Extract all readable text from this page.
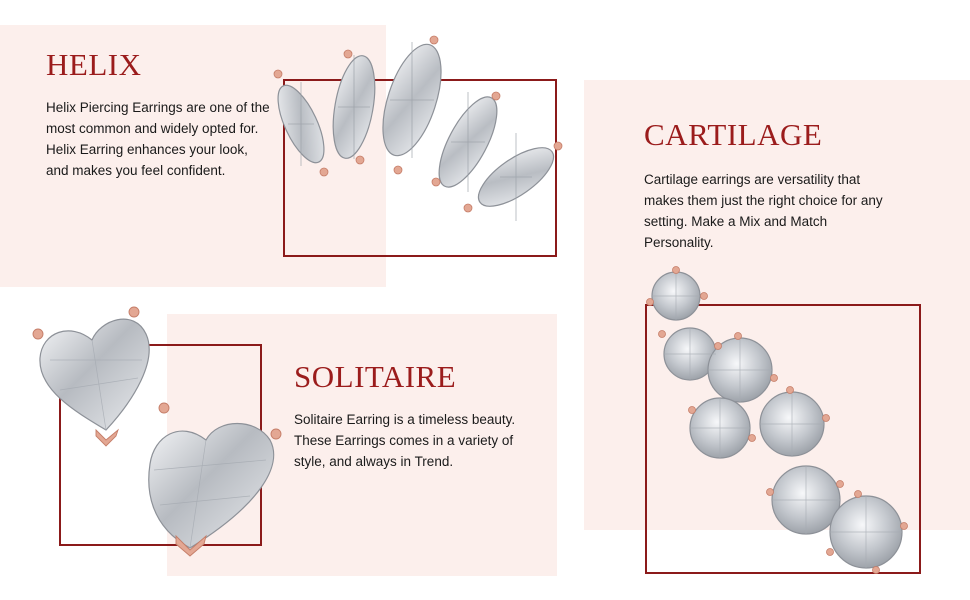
HELIX

Helix Piercing Earrings are one of the most common and widely opted for. Helix Earring enhances your look, and makes you feel confident.

CARTILAGE

Cartilage earrings are versatility that makes them just the right choice for any setting. Make a Mix and Match Personality.

SOLITAIRE

Solitaire Earring is a timeless beauty. These Earrings comes in a variety of style, and always in Trend.
